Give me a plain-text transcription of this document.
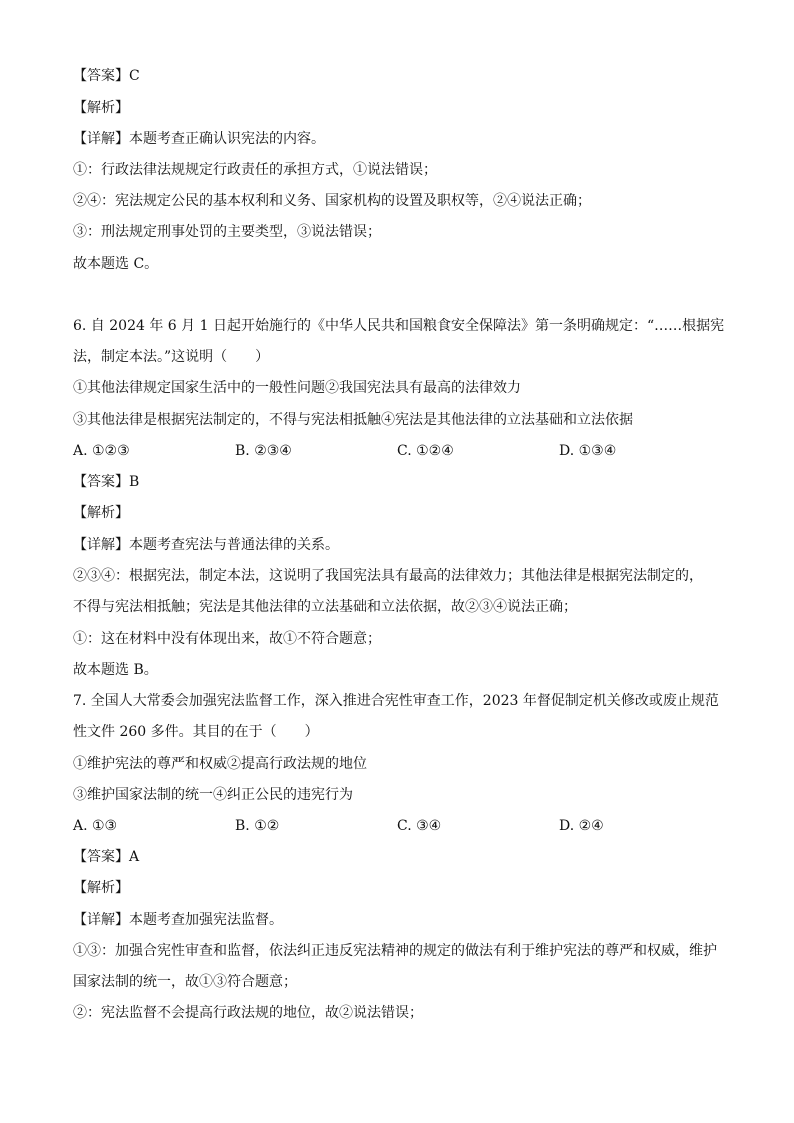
【答案】C
【解析】
【详解】本题考查正确认识宪法的内容。
①：行政法律法规规定行政责任的承担方式，①说法错误；
②④：宪法规定公民的基本权利和义务、国家机构的设置及职权等，②④说法正确；
③：刑法规定刑事处罚的主要类型，③说法错误；
故本题选 C。
6. 自 2024 年 6 月 1 日起开始施行的《中华人民共和国粮食安全保障法》第一条明确规定：“……根据宪
法，制定本法。”这说明（　　）
①其他法律规定国家生活中的一般性问题②我国宪法具有最高的法律效力
③其他法律是根据宪法制定的，不得与宪法相抵触④宪法是其他法律的立法基础和立法依据
A. ①②③	B. ②③④	C. ①②④	D. ①③④
【答案】B
【解析】
【详解】本题考查宪法与普通法律的关系。
②③④：根据宪法，制定本法，这说明了我国宪法具有最高的法律效力；其他法律是根据宪法制定的，
不得与宪法相抵触；宪法是其他法律的立法基础和立法依据，故②③④说法正确；
①：这在材料中没有体现出来，故①不符合题意；
故本题选 B。
7. 全国人大常委会加强宪法监督工作，深入推进合宪性审查工作，2023 年督促制定机关修改或废止规范
性文件 260 多件。其目的在于（　　）
①维护宪法的尊严和权威②提高行政法规的地位
③维护国家法制的统一④纠正公民的违宪行为
A. ①③	B. ①②	C. ③④	D. ②④
【答案】A
【解析】
【详解】本题考查加强宪法监督。
①③：加强合宪性审查和监督，依法纠正违反宪法精神的规定的做法有利于维护宪法的尊严和权威，维护
国家法制的统一，故①③符合题意；
②：宪法监督不会提高行政法规的地位，故②说法错误；
